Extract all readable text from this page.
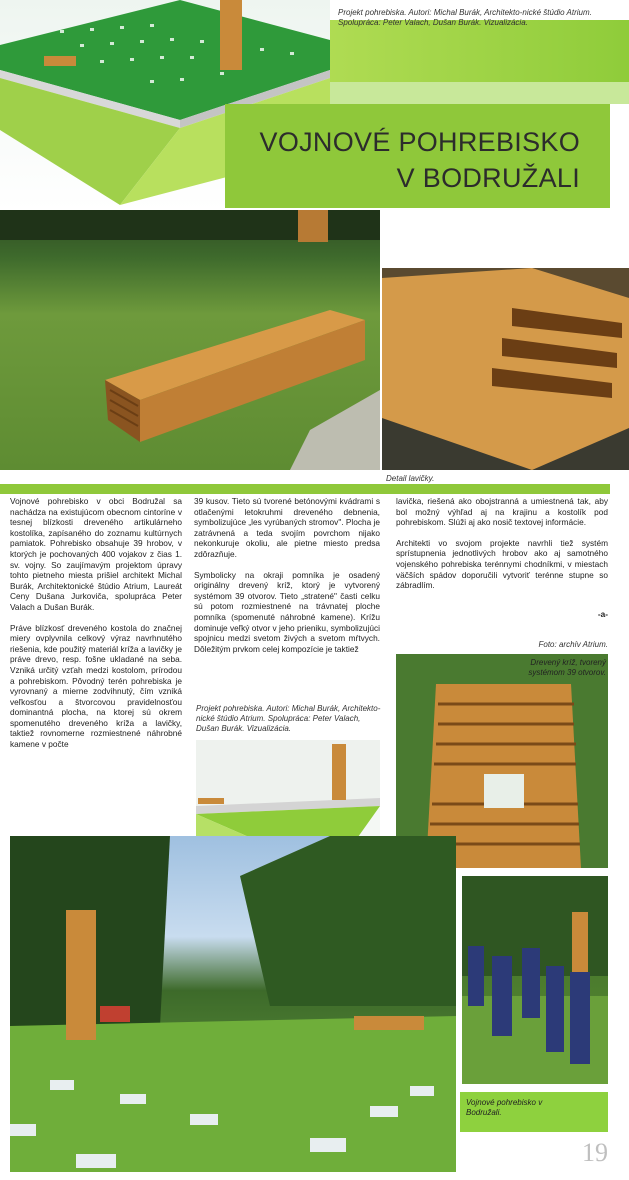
Projekt pohrebiska. Autori: Michal Burák, Architekto-nické štúdio Atrium. Spolupráca: Peter Valach, Dušan Burák. Vizualizácia.
VOJNOVÉ POHREBISKO
V BODRUŽALI
Lavička v priestore pohrebiska.	Detail lavičky.

Vojnové pohrebisko v obci Bodružal sa nachádza na existujúcom obecnom cintoríne v tesnej blízkosti dreveného artikulárneho kostolíka, zapísaného do zoznamu kultúrnych pamiatok. Pohrebisko obsahuje 39 hrobov, v ktorých je pochovaných 400 vojakov z čias 1. sv. vojny. So zaujímavým projektom úpravy tohto pietneho miesta prišiel architekt Michal Burák, Architektonické štúdio Atrium, Laureát Ceny Dušana Jurkoviča, spolupráca Peter Valach a Dušan Burák.

Práve blízkosť dreveného kostola do značnej miery ovplyvnila celkový výraz navrhnutého riešenia, kde použitý materiál kríža a lavičky je práve drevo, resp. fošne ukladané na seba. Vzniká určitý vzťah medzi kostolom, prírodou a pohrebiskom. Pôvodný terén pohrebiska je vyrovnaný a mierne zodvihnutý, čím vzniká veľkosťou a štvorcovou pravidelnosťou dominantná plocha, na ktorej sú okrem spomenutého dreveného kríža a lavičky, taktiež rovnomerne rozmiestnené náhrobné kamene v počte

39 kusov. Tieto sú tvorené betónovými kvádrami s otlačenými letokruhmi dreveného debnenia, symbolizujúce „les vyrúbaných stromov". Plocha je zatrávnená a teda svojím povrchom nijako nekonkuruje okoliu, ale pietne miesto predsa zdôrazňuje.

Symbolicky na okraji pomníka je osadený originálny drevený kríž, ktorý je vytvorený systémom 39 otvorov. Tieto „stratené" časti celku sú potom rozmiestnené na trávnatej ploche pomníka (spomenuté náhrobné kamene). Krížu dominuje veľký otvor v jeho prieniku, symbolizujúci spojnicu medzi svetom živých a svetom mŕtvych. Dôležitým prvkom celej kompozície je taktiež

lavička, riešená ako obojstranná a umiestnená tak, aby bol možný výhľad aj na krajinu a kostolík pod pohrebiskom. Slúži aj ako nosič textovej informácie.

Architekti vo svojom projekte navrhli tiež systém sprístupnenia jednotlivých hrobov ako aj samotného vojenského pohrebiska terénnymi chodníkmi, v miestach väčších spádov doporučili vytvoriť terénne stupne so zábradlím.

-a-
Foto: archív Atrium.
Projekt pohrebiska. Autori: Michal Burák, Architekto-nické štúdio Atrium. Spolupráca: Peter Valach, Dušan Burák. Vizualizácia.
Drevený kríž, tvorený systémom 39 otvorov.
Vojnové pohrebisko v Bodružali.
19
